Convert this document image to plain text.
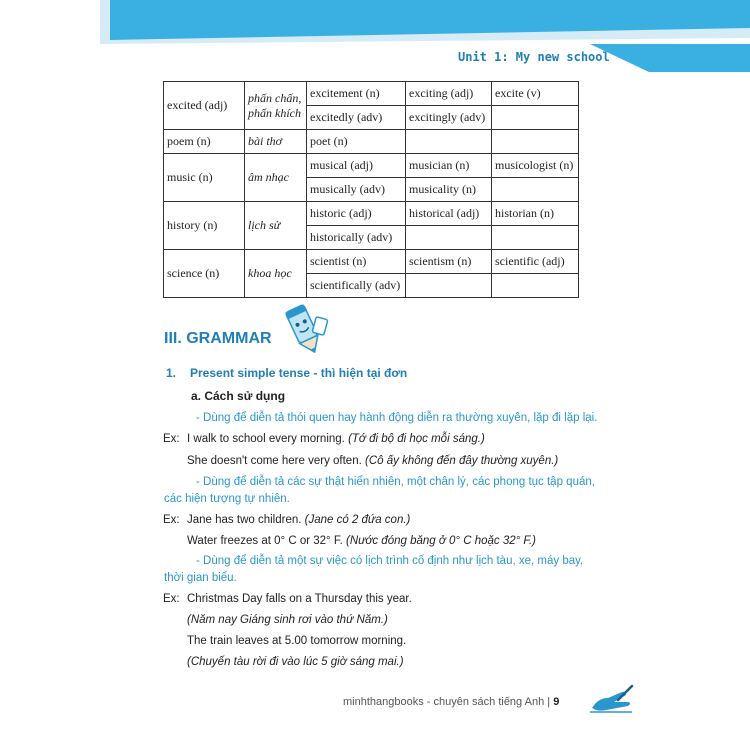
Unit 1: My new school
excited (adj)	phấn chấn, phấn khích	excitement (n)	exciting (adj)	excite (v)
		excitedly (adv)	excitingly (adv)	
poem (n)	bài thơ	poet (n)		
music (n)	âm nhạc	musical (adj)	musician (n)	musicologist (n)
		musically (adv)	musicality (n)	
history (n)	lịch sử	historic (adj)	historical (adj)	historian (n)
		historically (adv)		
science (n)	khoa học	scientist (n)	scientism (n)	scientific (adj)
		scientifically (adv)		
III. GRAMMAR
1. Present simple tense - thì hiện tại đơn
a. Cách sử dụng
- Dùng để diễn tả thói quen hay hành động diễn ra thường xuyên, lặp đi lặp lại.
Ex: I walk to school every morning. (Tớ đi bộ đi học mỗi sáng.)
She doesn't come here very often. (Cô ấy không đến đây thường xuyên.)
- Dùng để diễn tả các sự thật hiển nhiên, một chân lý, các phong tục tập quán,
các hiện tượng tự nhiên.
Ex: Jane has two children. (Jane có 2 đứa con.)
Water freezes at 0° C or 32° F. (Nước đóng băng ở 0° C hoặc 32° F.)
- Dùng để diễn tả một sự việc có lịch trình cố định như lịch tàu, xe, máy bay,
thời gian biểu.
Ex: Christmas Day falls on a Thursday this year.
(Năm nay Giáng sinh rơi vào thứ Năm.)
The train leaves at 5.00 tomorrow morning.
(Chuyến tàu rời đi vào lúc 5 giờ sáng mai.)
minhthangbooks - chuyên sách tiếng Anh | 9
